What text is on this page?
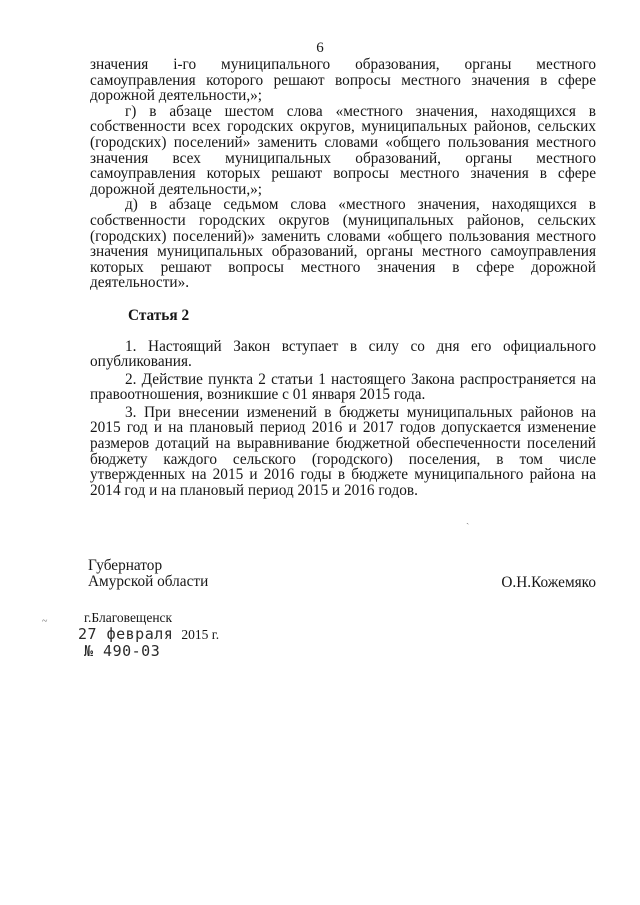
6

значения i-го муниципального образования, органы местного самоуправления которого решают вопросы местного значения в сфере дорожной деятельности,»;

г) в абзаце шестом слова «местного значения, находящихся в собственности всех городских округов, муниципальных районов, сельских (городских) поселений» заменить словами «общего пользования местного значения всех муниципальных образований, органы местного самоуправления которых решают вопросы местного значения в сфере дорожной деятельности,»;

д) в абзаце седьмом слова «местного значения, находящихся в собственности городских округов (муниципальных районов, сельских (городских) поселений)» заменить словами «общего пользования местного значения муниципальных образований, органы местного самоуправления которых решают вопросы местного значения в сфере дорожной деятельности».

Статья 2

1. Настоящий Закон вступает в силу со дня его официального опубликования.

2. Действие пункта 2 статьи 1 настоящего Закона распространяется на правоотношения, возникшие с 01 января 2015 года.

3. При внесении изменений в бюджеты муниципальных районов на 2015 год и на плановый период 2016 и 2017 годов допускается изменение размеров дотаций на выравнивание бюджетной обеспеченности поселений бюджету каждого сельского (городского) поселения, в том числе утвержденных на 2015 и 2016 годы в бюджете муниципального района на 2014 год и на плановый период 2015 и 2016 годов.

ˎ
Губернатор
Амурской области	О.Н.Кожемяко
~	г.Благовещенск
27 февраля 2015 г.
№ 490-03
